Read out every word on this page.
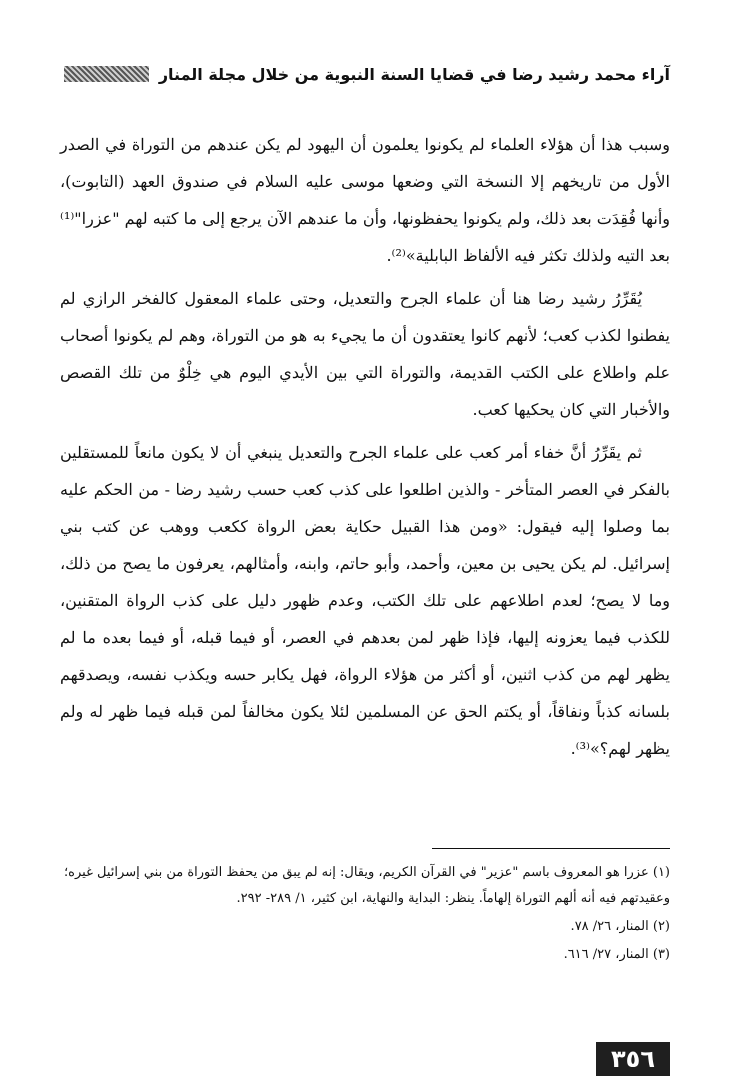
آراء محمد رشيد رضا في قضايا السنة النبوية من خلال مجلة المنار

وسبب هذا أن هؤلاء العلماء لم يكونوا يعلمون أن اليهود لم يكن عندهم من التوراة في الصدر الأول من تاريخهم إلا النسخة التي وضعها موسى عليه السلام في صندوق العهد (التابوت)، وأنها فُقِدَت بعد ذلك، ولم يكونوا يحفظونها، وأن ما عندهم الآن يرجع إلى ما كتبه لهم "عزرا"⁽¹⁾ بعد التيه ولذلك تكثر فيه الألفاظ البابلية»⁽²⁾.

يُقَرِّرُ رشيد رضا هنا أن علماء الجرح والتعديل، وحتى علماء المعقول كالفخر الرازي لم يفطنوا لكذب كعب؛ لأنهم كانوا يعتقدون أن ما يجيء به هو من التوراة، وهم لم يكونوا أصحاب علم واطلاع على الكتب القديمة، والتوراة التي بين الأيدي اليوم هي خِلْوٌ من تلك القصص والأخبار التي كان يحكيها كعب.

ثم يقَرِّرُ أنَّ خفاء أمر كعب على علماء الجرح والتعديل ينبغي أن لا يكون مانعاً للمستقلين بالفكر في العصر المتأخر - والذين اطلعوا على كذب كعب حسب رشيد رضا - من الحكم عليه بما وصلوا إليه فيقول: «ومن هذا القبيل حكاية بعض الرواة ككعب ووهب عن كتب بني إسرائيل. لم يكن يحيى بن معين، وأحمد، وأبو حاتم، وابنه، وأمثالهم، يعرفون ما يصح من ذلك، وما لا يصح؛ لعدم اطلاعهم على تلك الكتب، وعدم ظهور دليل على كذب الرواة المتقنين، للكذب فيما يعزونه إليها، فإذا ظهر لمن بعدهم في العصر، أو فيما قبله، أو فيما بعده ما لم يظهر لهم من كذب اثنين، أو أكثر من هؤلاء الرواة، فهل يكابر حسه ويكذب نفسه، ويصدقهم بلسانه كذباً ونفاقاً، أو يكتم الحق عن المسلمين لئلا يكون مخالفاً لمن قبله فيما ظهر له ولم يظهر لهم؟»⁽³⁾.

(١) عزرا هو المعروف باسم "عزير" في القرآن الكريم، ويقال: إنه لم يبق من يحفظ التوراة من بني إسرائيل غيره؛ وعقيدتهم فيه أنه ألهم التوراة إلهاماً. ينظر: البداية والنهاية، ابن كثير، ١/ ٢٨٩- ٢٩٢.

(٢) المنار، ٢٦/ ٧٨.

(٣) المنار، ٢٧/ ٦١٦.

٣٥٦
